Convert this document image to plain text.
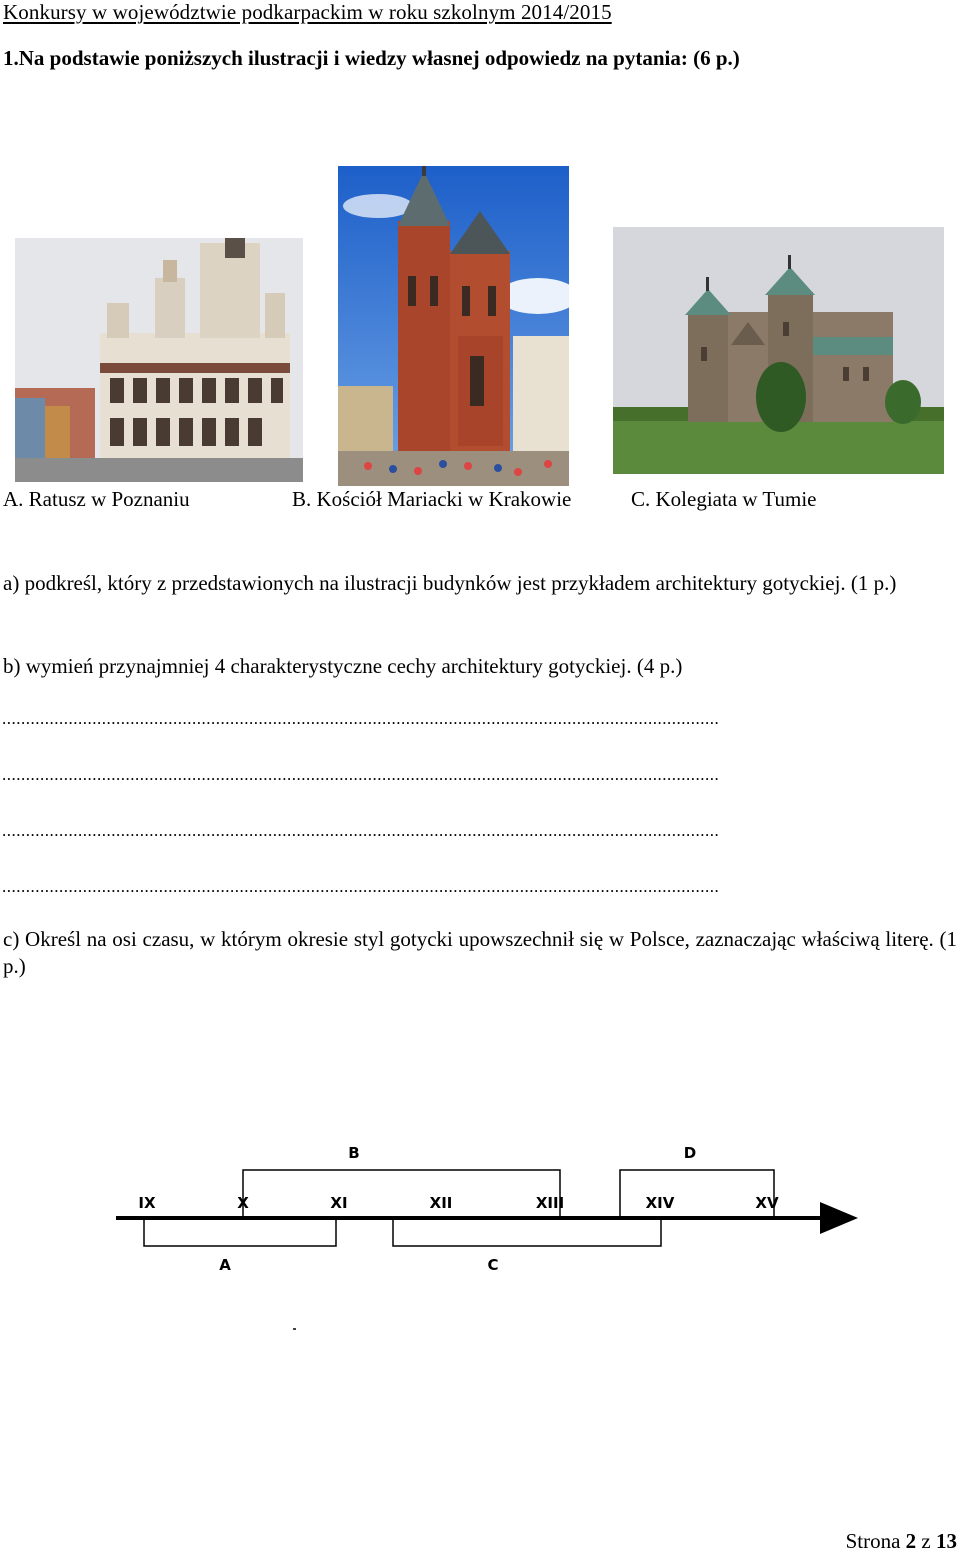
Konkursy w województwie podkarpackim w roku szkolnym 2014/2015
1.Na podstawie poniższych ilustracji i wiedzy własnej odpowiedz na pytania: (6 p.)
A. Ratusz w Poznaniu	B. Kościół Mariacki w Krakowie	C. Kolegiata w Tumie
a) podkreśl, który z przedstawionych na ilustracji budynków jest przykładem architektury gotyckiej. (1 p.)
b) wymień przynajmniej 4 charakterystyczne cechy architektury gotyckiej. (4 p.)
.......................................................................................................................................................
.......................................................................................................................................................
.......................................................................................................................................................
.......................................................................................................................................................
c) Określ na osi czasu, w którym okresie styl gotycki upowszechnił się w Polsce, zaznaczając właściwą literę. (1 p.)
IX	X	XI	XII	XIII	XIV	XV
A
B
C
D
Strona 2 z 13
